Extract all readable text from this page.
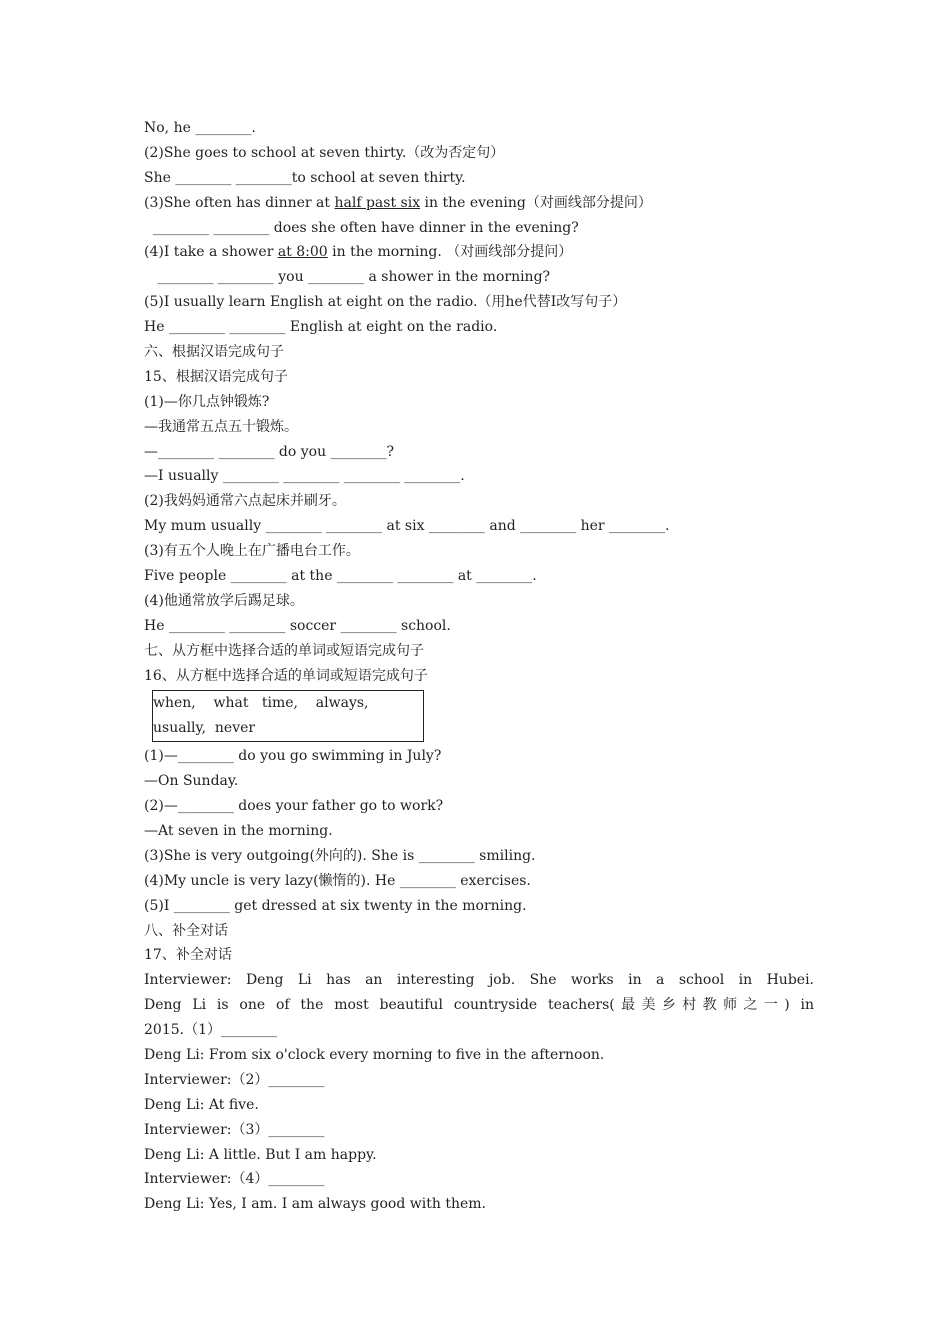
No, he ________.
(2)She goes to school at seven thirty.（改为否定句）
She ________ ________to school at seven thirty.
(3)She often has dinner at half past six in the evening（对画线部分提问）
________ ________ does she often have dinner in the evening?
(4)I take a shower at 8:00 in the morning. （对画线部分提问）
________ ________ you ________ a shower in the morning?
(5)I usually learn English at eight on the radio.（用he代替I改写句子）
He ________ ________ English at eight on the radio.
六、根据汉语完成句子
15、根据汉语完成句子
(1)—你几点钟锻炼?
—我通常五点五十锻炼。
—________ ________ do you ________?
—I usually ________ ________ ________ ________.
(2)我妈妈通常六点起床并刷牙。
My mum usually ________ ________ at six ________ and ________ her ________.
(3)有五个人晚上在广播电台工作。
Five people ________ at the ________ ________ at ________.
(4)他通常放学后踢足球。
He ________ ________ soccer ________ school.
七、从方框中选择合适的单词或短语完成句子
16、从方框中选择合适的单词或短语完成句子
when,    what   time,    always,
usually,  never
(1)—________ do you go swimming in July?
—On Sunday.
(2)—________ does your father go to work?
—At seven in the morning.
(3)She is very outgoing(外向的). She is ________ smiling.
(4)My uncle is very lazy(懒惰的). He ________ exercises.
(5)I ________ get dressed at six twenty in the morning.
八、补全对话
17、补全对话
Interviewer: Deng Li has an interesting job. She works in a school in Hubei.
Deng Li is one of the most beautiful countryside teachers(最美乡村教师之一) in
2015.（1）________
Deng Li: From six o'clock every morning to five in the afternoon.
Interviewer:（2）________
Deng Li: At five.
Interviewer:（3）________
Deng Li: A little. But I am happy.
Interviewer:（4）________
Deng Li: Yes, I am. I am always good with them.
